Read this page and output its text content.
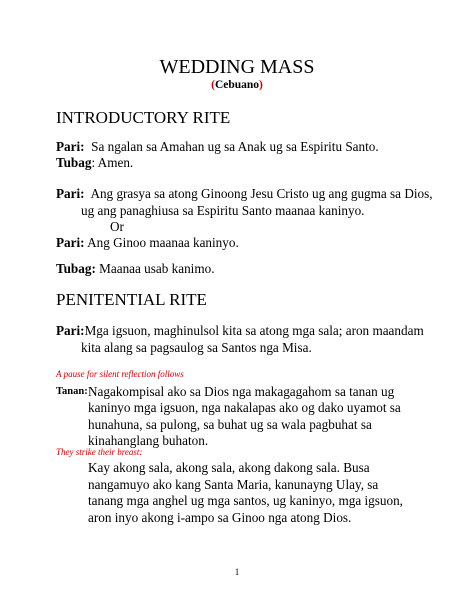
WEDDING MASS
(Cebuano)
INTRODUCTORY RITE
Pari: Sa ngalan sa Amahan ug sa Anak ug sa Espiritu Santo.
Tubag: Amen.
Pari: Ang grasya sa atong Ginoong Jesu Cristo ug ang gugma sa Dios,
ug ang panaghiusa sa Espiritu Santo maanaa kaninyo.
Or
Pari: Ang Ginoo maanaa kaninyo.
Tubag: Maanaa usab kanimo.
PENITENTIAL RITE
Pari:Mga igsuon, maghinulsol kita sa atong mga sala; aron maandam
kita alang sa pagsaulog sa Santos nga Misa.
A pause for silent reflection follows
Tanan: Nagakompisal ako sa Dios nga makagagahom sa tanan ug
kaninyo mga igsuon, nga nakalapas ako og dako uyamot sa
hunahuna, sa pulong, sa buhat ug sa wala pagbuhat sa
kinahanglang buhaton.
They strike their breast:
Kay akong sala, akong sala, akong dakong sala. Busa
nangamuyo ako kang Santa Maria, kanunayng Ulay, sa
tanang mga anghel ug mga santos, ug kaninyo, mga igsuon,
aron inyo akong i-ampo sa Ginoo nga atong Dios.
1
